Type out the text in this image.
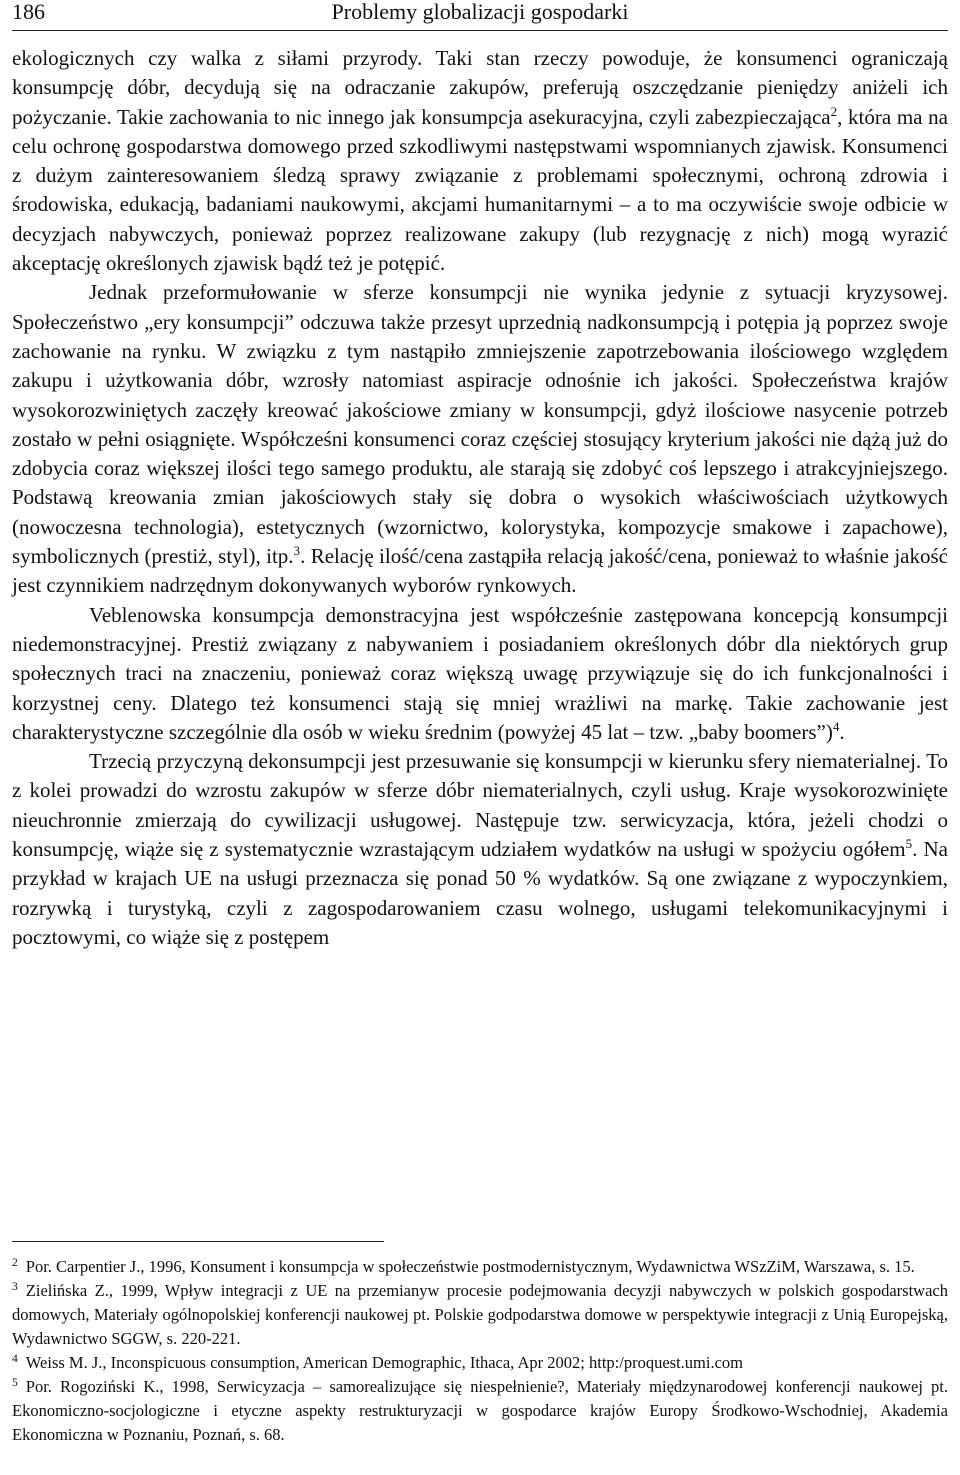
186	Problemy globalizacji gospodarki

ekologicznych czy walka z siłami przyrody. Taki stan rzeczy powoduje, że konsumenci ograniczają konsumpcję dóbr, decydują się na odraczanie zakupów, preferują oszczędzanie pieniędzy aniżeli ich pożyczanie. Takie zachowania to nic innego jak konsumpcja asekuracyjna, czyli zabezpieczająca$^2$, która ma na celu ochronę gospodarstwa domowego przed szkodliwymi następstwami wspomnianych zjawisk. Konsumenci z dużym zainteresowaniem śledzą sprawy związanie z problemami społecznymi, ochroną zdrowia i środowiska, edukacją, badaniami naukowymi, akcjami humanitarnymi – a to ma oczywiście swoje odbicie w decyzjach nabywczych, ponieważ poprzez realizowane zakupy (lub rezygnację z nich) mogą wyrazić akceptację określonych zjawisk bądź też je potępić.

Jednak przeformułowanie w sferze konsumpcji nie wynika jedynie z sytuacji kryzysowej. Społeczeństwo „ery konsumpcji” odczuwa także przesyt uprzednią nadkonsumpcją i potępia ją poprzez swoje zachowanie na rynku. W związku z tym nastąpiło zmniejszenie zapotrzebowania ilościowego względem zakupu i użytkowania dóbr, wzrosły natomiast aspiracje odnośnie ich jakości. Społeczeństwa krajów wysokorozwiniętych zaczęły kreować jakościowe zmiany w konsumpcji, gdyż ilościowe nasycenie potrzeb zostało w pełni osiągnięte. Współcześni konsumenci coraz częściej stosujący kryterium jakości nie dążą już do zdobycia coraz większej ilości tego samego produktu, ale starają się zdobyć coś lepszego i atrakcyjniejszego. Podstawą kreowania zmian jakościowych stały się dobra o wysokich właściwościach użytkowych (nowoczesna technologia), estetycznych (wzornictwo, kolorystyka, kompozycje smakowe i zapachowe), symbolicznych (prestiż, styl), itp.$^3$. Relację ilość/cena zastąpiła relacją jakość/cena, ponieważ to właśnie jakość jest czynnikiem nadrzędnym dokonywanych wyborów rynkowych.

Veblenowska konsumpcja demonstracyjna jest współcześnie zastępowana koncepcją konsumpcji niedemonstracyjnej. Prestiż związany z nabywaniem i posiadaniem określonych dóbr dla niektórych grup społecznych traci na znaczeniu, ponieważ coraz większą uwagę przywiązuje się do ich funkcjonalności i korzystnej ceny. Dlatego też konsumenci stają się mniej wrażliwi na markę. Takie zachowanie jest charakterystyczne szczególnie dla osób w wieku średnim (powyżej 45 lat – tzw. „baby boomers”)$^4$.

Trzecią przyczyną dekonsumpcji jest przesuwanie się konsumpcji w kierunku sfery niematerialnej. To z kolei prowadzi do wzrostu zakupów w sferze dóbr niematerialnych, czyli usług. Kraje wysokorozwinięte nieuchronnie zmierzają do cywilizacji usługowej. Następuje tzw. serwicyzacja, która, jeżeli chodzi o konsumpcję, wiąże się z systematycznie wzrastającym udziałem wydatków na usługi w spożyciu ogółem$^5$. Na przykład w krajach UE na usługi przeznacza się ponad 50 % wydatków. Są one związane z wypoczynkiem, rozrywką i turystyką, czyli z zagospodarowaniem czasu wolnego, usługami telekomunikacyjnymi i pocztowymi, co wiąże się z postępem

$^2$ Por. Carpentier J., 1996, Konsument i konsumpcja w społeczeństwie postmodernistycznym, Wydawnictwa WSzZiM, Warszawa, s. 15.

$^3$ Zielińska Z., 1999, Wpływ integracji z UE na przemianyw procesie podejmowania decyzji nabywczych w polskich gospodarstwach domowych, Materiały ogólnopolskiej konferencji naukowej pt. Polskie godpodarstwa domowe w perspektywie integracji z Unią Europejską, Wydawnictwo SGGW, s. 220-221.

$^4$ Weiss M. J., Inconspicuous consumption, American Demographic, Ithaca, Apr 2002; http:/proquest.umi.com

$^5$ Por. Rogoziński K., 1998, Serwicyzacja – samorealizujące się niespełnienie?, Materiały międzynarodowej konferencji naukowej pt. Ekonomiczno-socjologiczne i etyczne aspekty restrukturyzacji w gospodarce krajów Europy Środkowo-Wschodniej, Akademia Ekonomiczna w Poznaniu, Poznań, s. 68.
